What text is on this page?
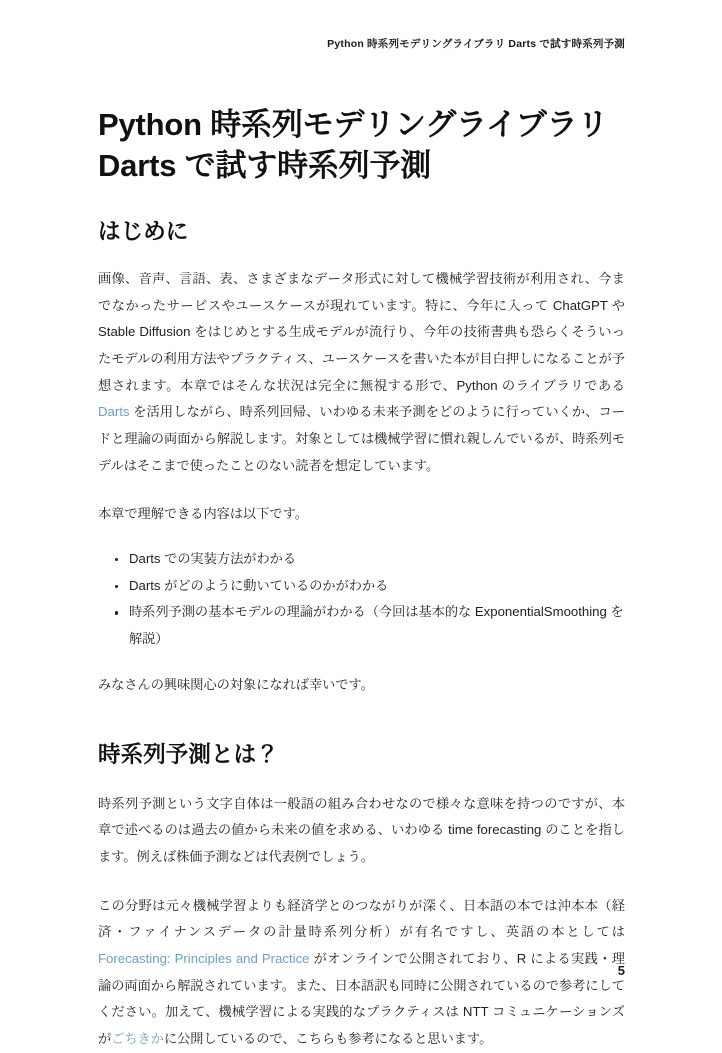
Python 時系列モデリングライブラリ Darts で試す時系列予測
Python 時系列モデリングライブラリ
Darts で試す時系列予測
はじめに

画像、音声、言語、表、さまざまなデータ形式に対して機械学習技術が利用され、今までなかったサービスやユースケースが現れています。特に、今年に入って ChatGPT や Stable Diffusion をはじめとする生成モデルが流行り、今年の技術書典も恐らくそういったモデルの利用方法やプラクティス、ユースケースを書いた本が目白押しになることが予想されます。本章ではそんな状況は完全に無視する形で、Python のライブラリである Darts を活用しながら、時系列回帰、いわゆる未来予測をどのように行っていくか、コードと理論の両面から解説します。対象としては機械学習に慣れ親しんでいるが、時系列モデルはそこまで使ったことのない読者を想定しています。

本章で理解できる内容は以下です。

Darts での実装方法がわかる
Darts がどのように動いているのかがわかる
時系列予測の基本モデルの理論がわかる（今回は基本的な ExponentialSmoothing を解説）

みなさんの興味関心の対象になれば幸いです。

時系列予測とは？

時系列予測という文字自体は一般語の組み合わせなので様々な意味を持つのですが、本章で述べるのは過去の値から未来の値を求める、いわゆる time forecasting のことを指します。例えば株価予測などは代表例でしょう。

この分野は元々機械学習よりも経済学とのつながりが深く、日本語の本では沖本本（経済・ファイナンスデータの計量時系列分析）が有名ですし、英語の本としては Forecasting: Principles and Practice がオンラインで公開されており、R による実践・理論の両面から解説されています。また、日本語訳も同時に公開されているので参考にしてください。加えて、機械学習による実践的なプラクティスは NTT コミュニケーションズがごちきかに公開しているので、こちらも参考になると思います。

5
